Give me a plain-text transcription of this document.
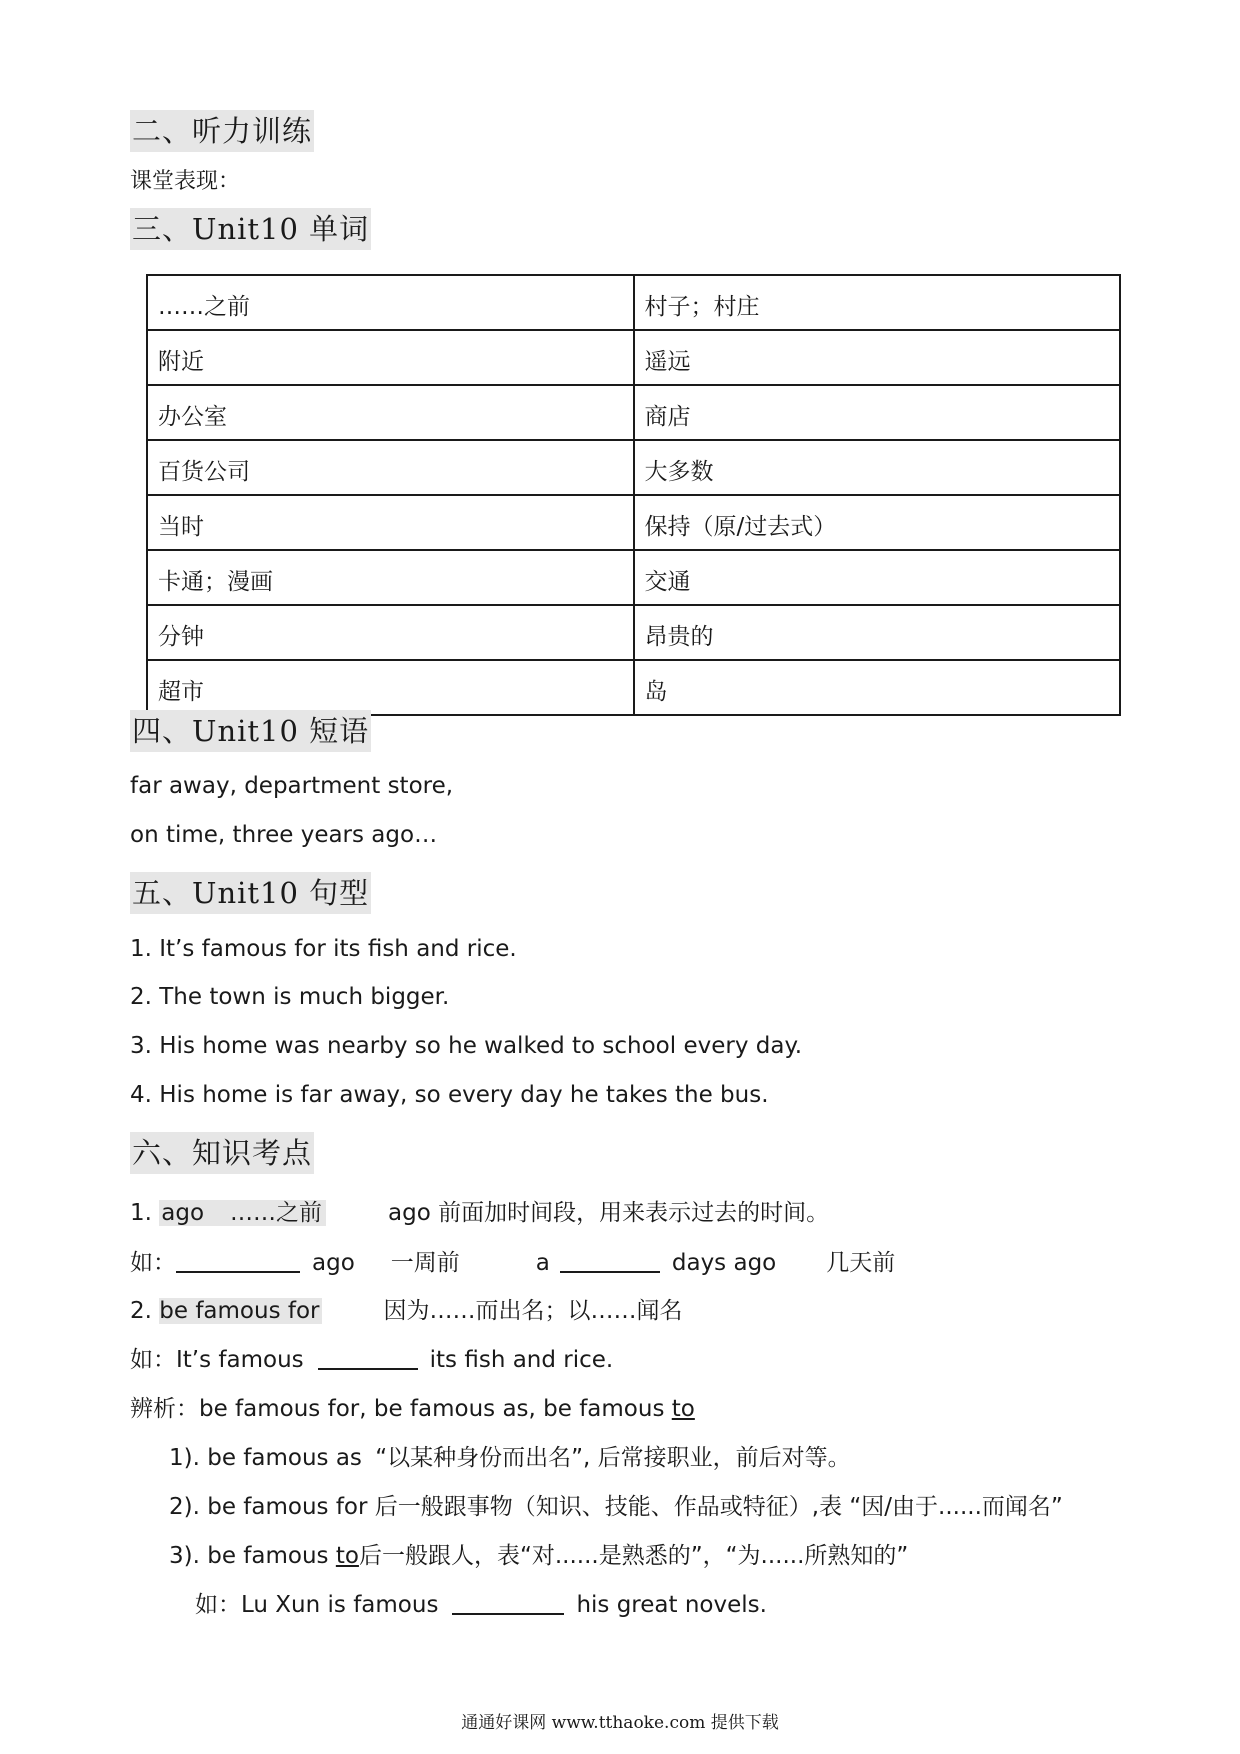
二、听力训练
课堂表现：
三、Unit10 单词
……之前	村子；村庄
附近	遥远
办公室	商店
百货公司	大多数
当时	保持（原/过去式）
卡通；漫画	交通
分钟	昂贵的
超市	岛
四、Unit10 短语
far away, department store,
on time, three years ago…
五、Unit10 句型
1. It’s famous for its fish and rice.
2. The town is much bigger.
3. His home was nearby so he walked to school every day.
4. His home is far away, so every day he takes the bus.
六、知识考点
1. ago ……之前	ago 前面加时间段，用来表示过去的时间。
如：	ago 一周前	a	days ago 几天前
2. be famous for	因为……而出名；以……闻名
如：It’s famous	its fish and rice.
辨析：be famous for, be famous as, be famous to
1). be famous as “以某种身份而出名”, 后常接职业，前后对等。
2). be famous for 后一般跟事物（知识、技能、作品或特征）,表 “因/由于......而闻名”
3). be famous to后一般跟人，表“对......是熟悉的”，“为......所熟知的”
如：Lu Xun is famous	his great novels.
通通好课网 www.tthaoke.com 提供下载
